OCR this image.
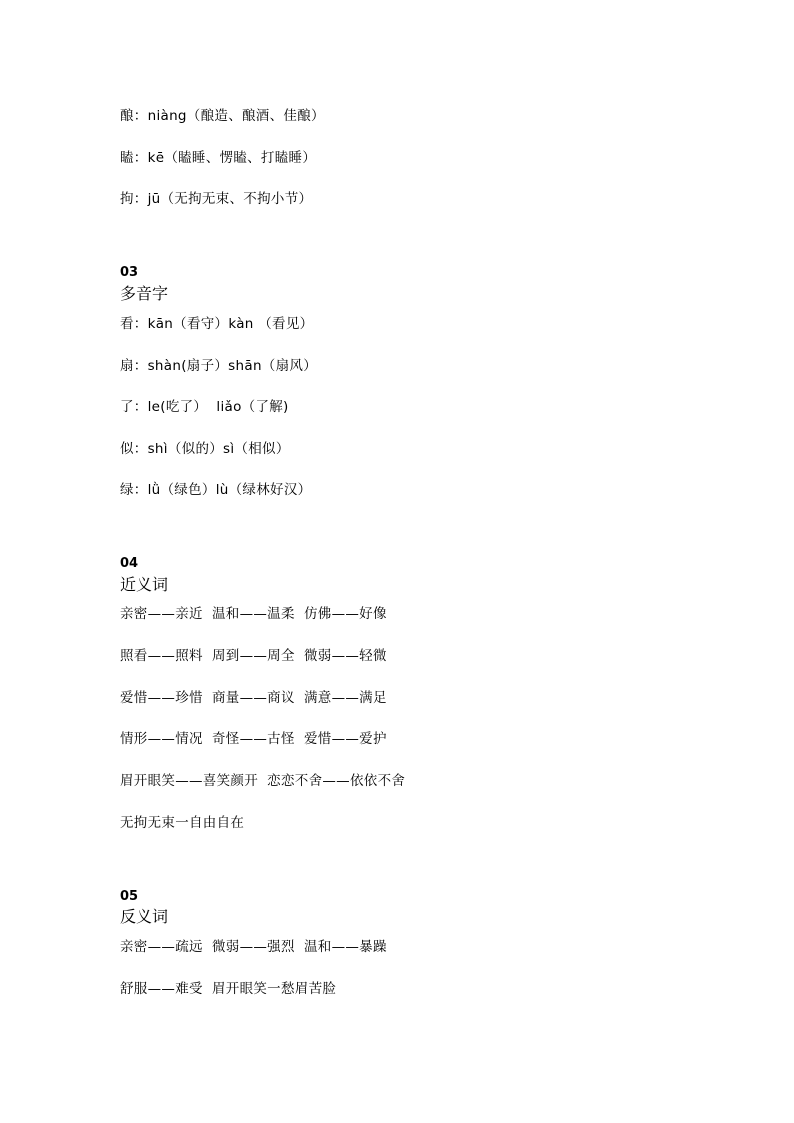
酿：niàng（酿造、酿酒、佳酿）
瞌：kē（瞌睡、愣瞌、打瞌睡）
拘：jū（无拘无束、不拘小节）
03
多音字
看：kān（看守）kàn （看见）
扇：shàn(扇子）shān（扇风）
了：le(吃了）  liǎo（了解)
似：shì（似的）sì（相似）
绿：lǜ（绿色）lù（绿林好汉）
04
近义词
亲密——亲近  温和——温柔  仿佛——好像
照看——照料  周到——周全  微弱——轻微
爱惜——珍惜  商量——商议  满意——满足
情形——情况  奇怪——古怪  爱惜——爱护
眉开眼笑——喜笑颜开  恋恋不舍——依依不舍
无拘无束一自由自在
05
反义词
亲密——疏远  微弱——强烈  温和——暴躁
舒服——难受  眉开眼笑一愁眉苦脸
